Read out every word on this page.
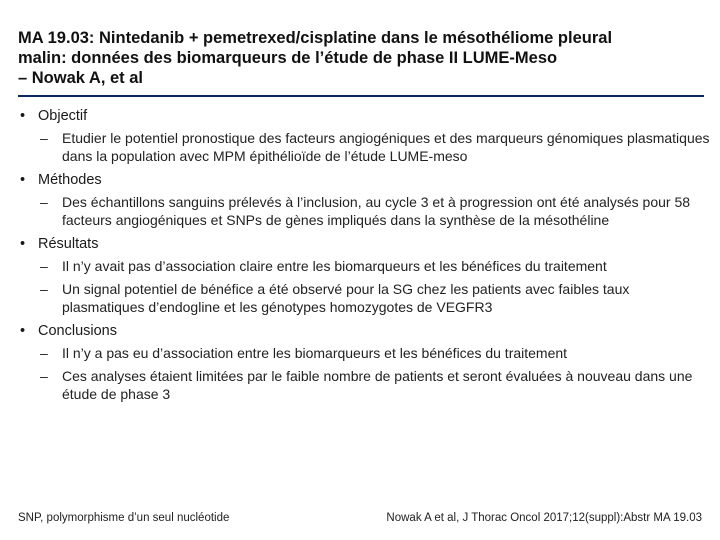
MA 19.03: Nintedanib + pemetrexed/cisplatine dans le mésothéliome pleural
malin: données des biomarqueurs de l’étude de phase II LUME‑Meso
– Nowak A, et al
• Objectif
– Etudier le potentiel pronostique des facteurs angiogéniques et des marqueurs génomiques plasmatiques dans la population avec MPM épithélioïde de l’étude LUME‑meso
• Méthodes
– Des échantillons sanguins prélevés à l’inclusion, au cycle 3 et à progression ont été analysés pour 58 facteurs angiogéniques et SNPs de gènes impliqués dans la synthèse de la mésothéline
• Résultats
– Il n’y avait pas d’association claire entre les biomarqueurs et les bénéfices du traitement
– Un signal potentiel de bénéfice a été observé pour la SG chez les patients avec faibles taux plasmatiques d’endogline et les génotypes homozygotes de VEGFR3
• Conclusions
– Il n’y a pas eu d’association entre les biomarqueurs et les bénéfices du traitement
– Ces analyses étaient limitées par le faible nombre de patients et seront évaluées à nouveau dans une étude de phase 3
SNP, polymorphisme d’un seul nucléotide	Nowak A et al, J Thorac Oncol 2017;12(suppl):Abstr MA 19.03
